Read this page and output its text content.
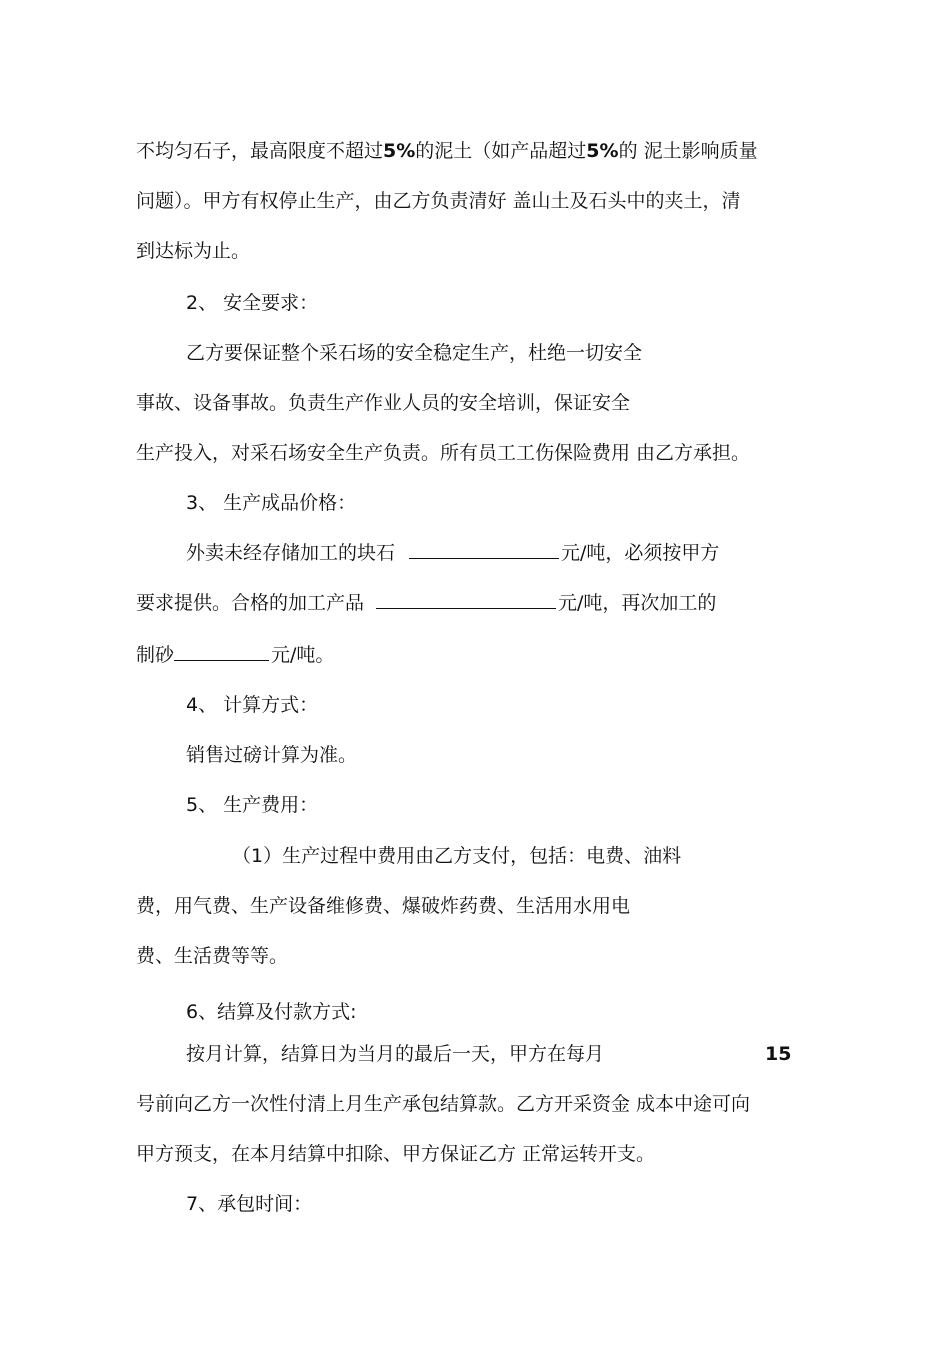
不均匀石子，最高限度不超过5%的泥土（如产品超过5%的 泥土影响质量
问题）。甲方有权停止生产，由乙方负责清好 盖山土及石头中的夹土，清
到达标为止。
2、 安全要求：
乙方要保证整个采石场的安全稳定生产，杜绝一切安全
事故、设备事故。负责生产作业人员的安全培训，保证安全
生产投入，对采石场安全生产负责。所有员工工伤保险费用 由乙方承担。
3、 生产成品价格：
外卖未经存储加工的块石	元/吨，必须按甲方
要求提供。合格的加工产品	元/吨，再次加工的
制砂	元/吨。
4、 计算方式：
销售过磅计算为准。
5、 生产费用：
（1）生产过程中费用由乙方支付，包括：电费、油料
费，用气费、生产设备维修费、爆破炸药费、生活用水用电
费、生活费等等。
6、结算及付款方式:
按月计算，结算日为当月的最后一天，甲方在每月	15
号前向乙方一次性付清上月生产承包结算款。乙方开采资金 成本中途可向
甲方预支，在本月结算中扣除、甲方保证乙方 正常运转开支。
7、承包时间：
